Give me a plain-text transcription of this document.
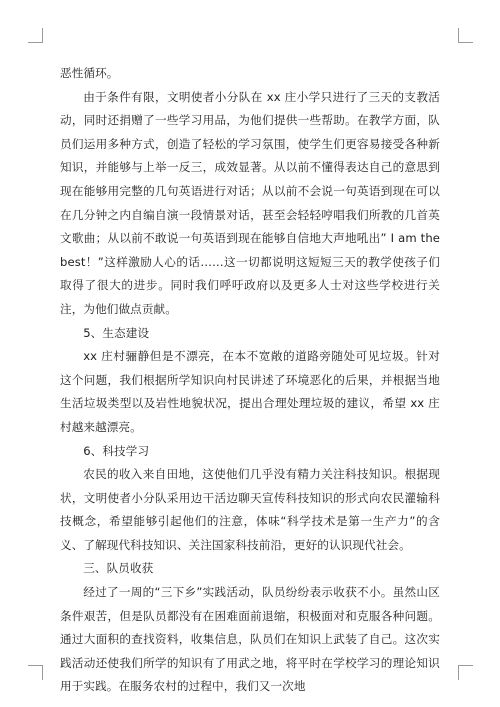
恶性循环。

由于条件有限，文明使者小分队在 xx 庄小学只进行了三天的支教活动，同时还捐赠了一些学习用品，为他们提供一些帮助。在教学方面，队员们运用多种方式，创造了轻松的学习氛围，使学生们更容易接受各种新知识，并能够与上举一反三，成效显著。从以前不懂得表达自己的意思到现在能够用完整的几句英语进行对话；从以前不会说一句英语到现在可以在几分钟之内自编自演一段情景对话，甚至会轻轻哼唱我们所教的几首英文歌曲；从以前不敢说一句英语到现在能够自信地大声地吼出” I am the best！”这样激励人心的话……这一切都说明这短短三天的教学使孩子们取得了很大的进步。同时我们呼吁政府以及更多人士对这些学校进行关注，为他们做点贡献。

5、生态建设

xx 庄村骊静但是不漂亮，在本不宽敞的道路旁随处可见垃圾。针对这个问题，我们根据所学知识向村民讲述了环境恶化的后果，并根据当地生活垃圾类型以及岩性地貌状况，提出合理处理垃圾的建议，希望 xx 庄村越来越漂亮。

6、科技学习

农民的收入来自田地，这使他们几乎没有精力关注科技知识。根据现状，文明使者小分队采用边干活边聊天宣传科技知识的形式向农民灌输科技概念，希望能够引起他们的注意，体味“科学技术是第一生产力”的含义、了解现代科技知识、关注国家科技前沿，更好的认识现代社会。

三、队员收获

经过了一周的“三下乡”实践活动，队员纷纷表示收获不小。虽然山区条件艰苦，但是队员都没有在困难面前退缩，积极面对和克服各种问题。通过大面积的查找资料，收集信息，队员们在知识上武装了自己。这次实践活动还使我们所学的知识有了用武之地，将平时在学校学习的理论知识用于实践。在服务农村的过程中，我们又一次地
